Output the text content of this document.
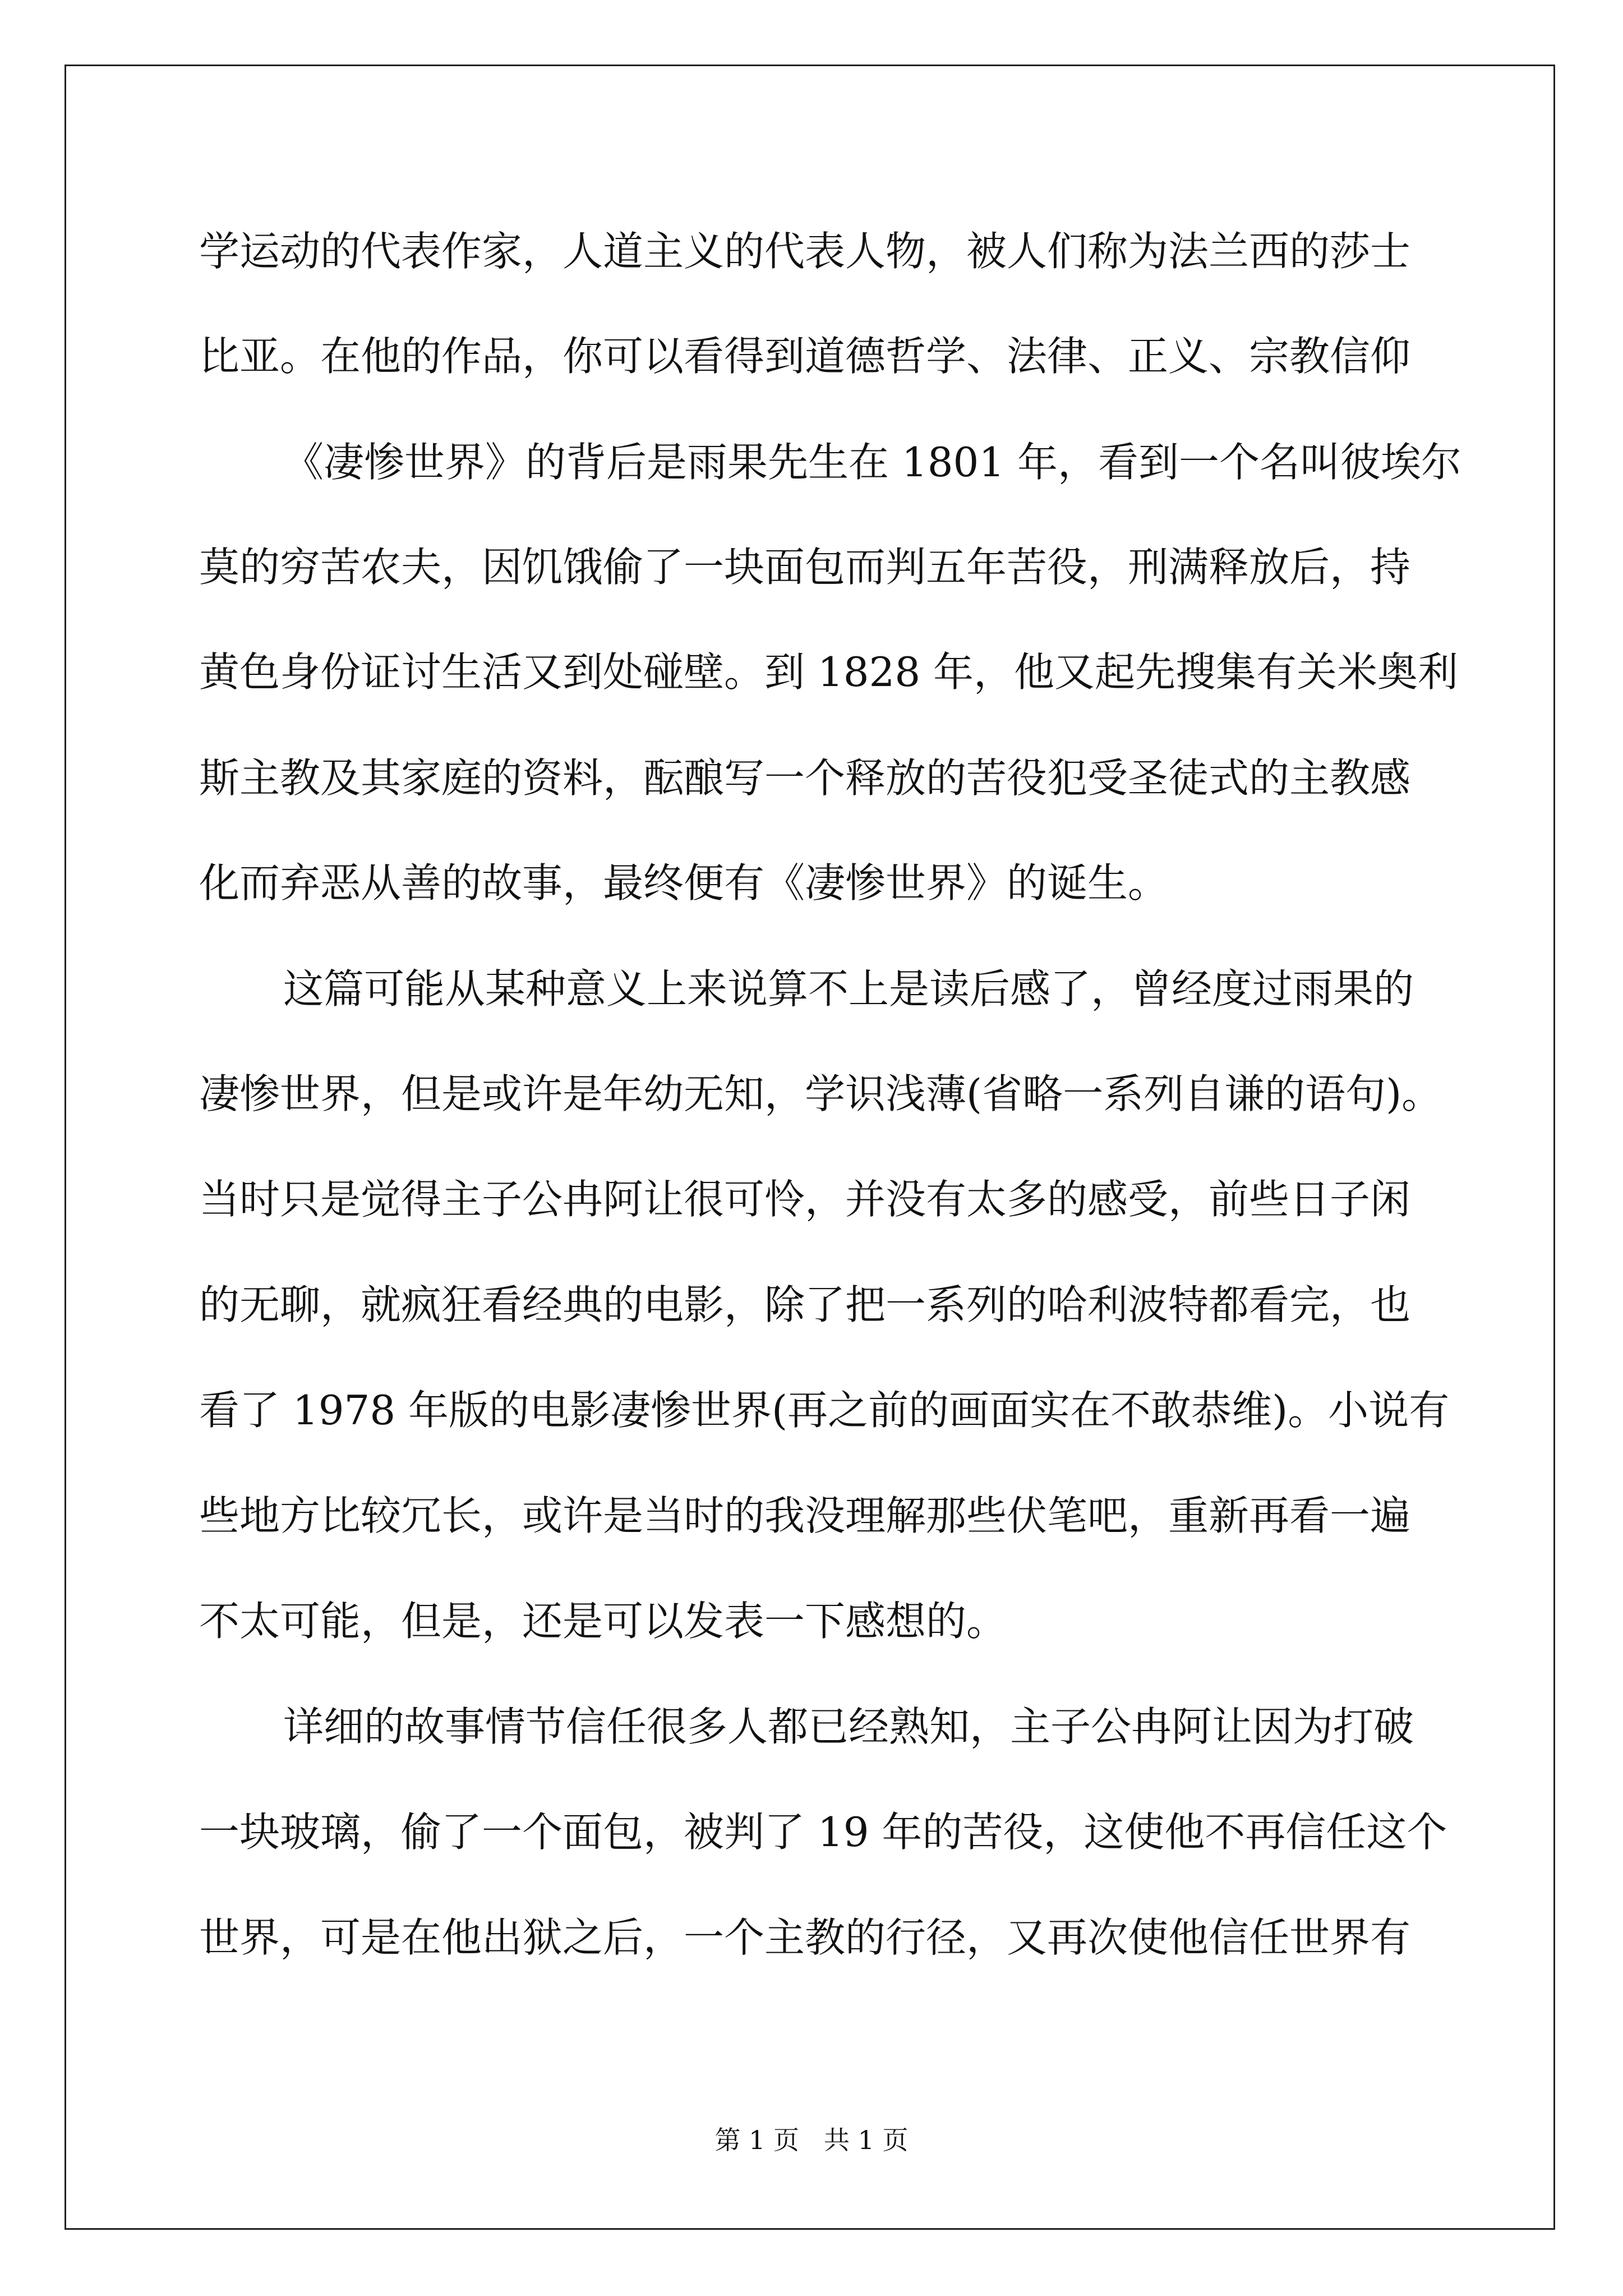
学运动的代表作家，人道主义的代表人物，被人们称为法兰西的莎士
比亚。在他的作品，你可以看得到道德哲学、法律、正义、宗教信仰
《凄惨世界》的背后是雨果先生在 1801 年，看到一个名叫彼埃尔
莫的穷苦农夫，因饥饿偷了一块面包而判五年苦役，刑满释放后，持
黄色身份证讨生活又到处碰壁。到 1828 年，他又起先搜集有关米奥利
斯主教及其家庭的资料，酝酿写一个释放的苦役犯受圣徒式的主教感
化而弃恶从善的故事，最终便有《凄惨世界》的诞生。
这篇可能从某种意义上来说算不上是读后感了，曾经度过雨果的
凄惨世界，但是或许是年幼无知，学识浅薄(省略一系列自谦的语句)。
当时只是觉得主子公冉阿让很可怜，并没有太多的感受，前些日子闲
的无聊，就疯狂看经典的电影，除了把一系列的哈利波特都看完，也
看了 1978 年版的电影凄惨世界(再之前的画面实在不敢恭维)。小说有
些地方比较冗长，或许是当时的我没理解那些伏笔吧，重新再看一遍
不太可能，但是，还是可以发表一下感想的。
详细的故事情节信任很多人都已经熟知，主子公冉阿让因为打破
一块玻璃，偷了一个面包，被判了 19 年的苦役，这使他不再信任这个
世界，可是在他出狱之后，一个主教的行径，又再次使他信任世界有
第 1 页 共 1 页
